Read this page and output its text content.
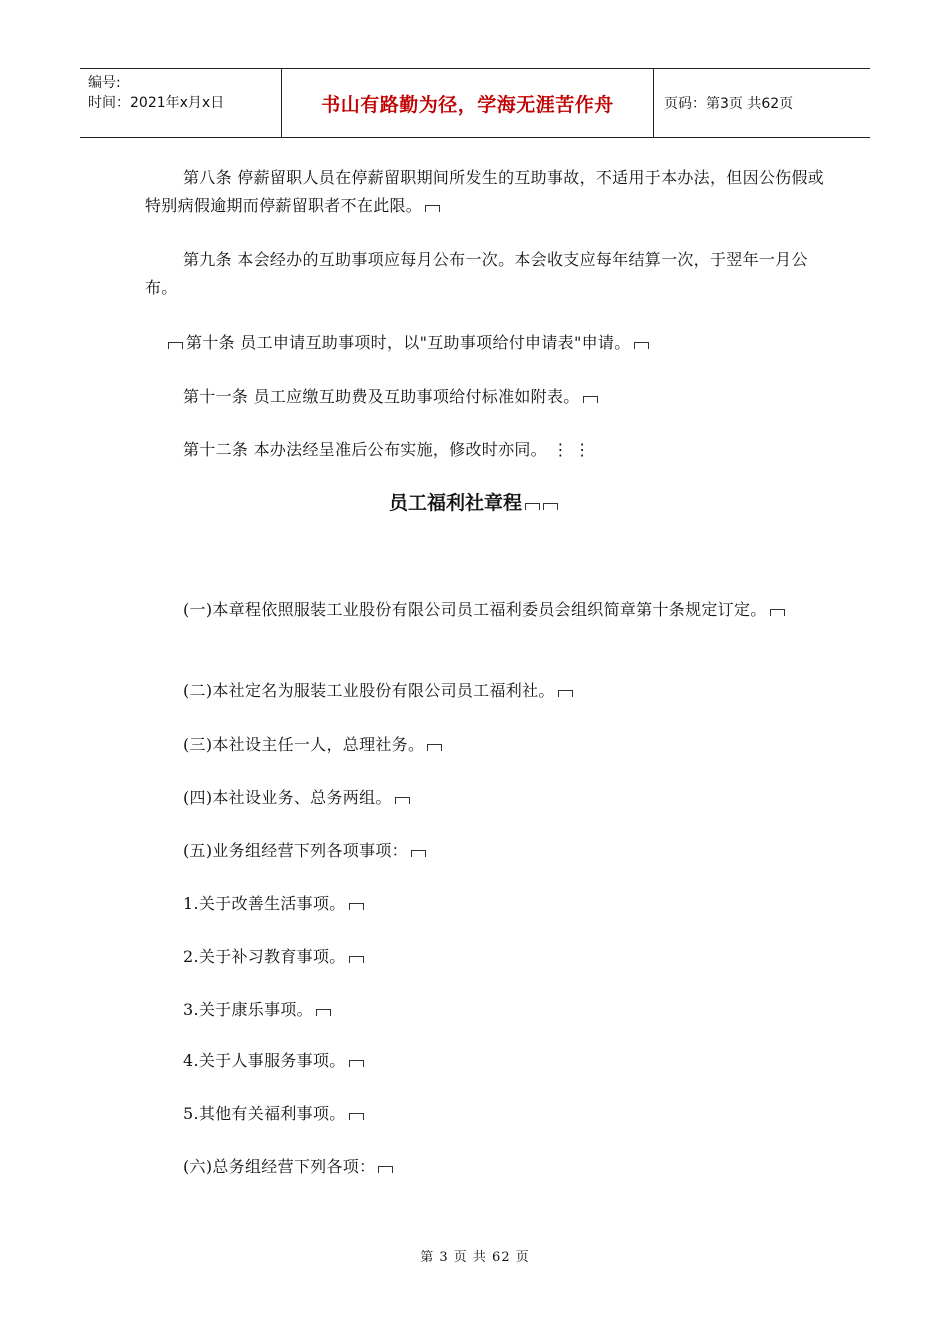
编号:
时间：2021年x月x日	书山有路勤为径，学海无涯苦作舟	页码：第3页 共62页
第八条 停薪留职人员在停薪留职期间所发生的互助事故，不适用于本办法，但因公伤假或特别病假逾期而停薪留职者不在此限。
第九条 本会经办的互助事项应每月公布一次。本会收支应每年结算一次，于翌年一月公布。
第十条 员工申请互助事项时，以"互助事项给付申请表"申请。
第十一条 员工应缴互助费及互助事项给付标准如附表。
第十二条 本办法经呈准后公布实施，修改时亦同。 ⋮ ⋮
员工福利社章程
(一)本章程依照服装工业股份有限公司员工福利委员会组织简章第十条规定订定。
(二)本社定名为服装工业股份有限公司员工福利社。
(三)本社设主任一人，总理社务。
(四)本社设业务、总务两组。
(五)业务组经营下列各项事项：
1.关于改善生活事项。
2.关于补习教育事项。
3.关于康乐事项。
4.关于人事服务事项。
5.其他有关福利事项。
(六)总务组经营下列各项：
第 3 页 共 62 页
